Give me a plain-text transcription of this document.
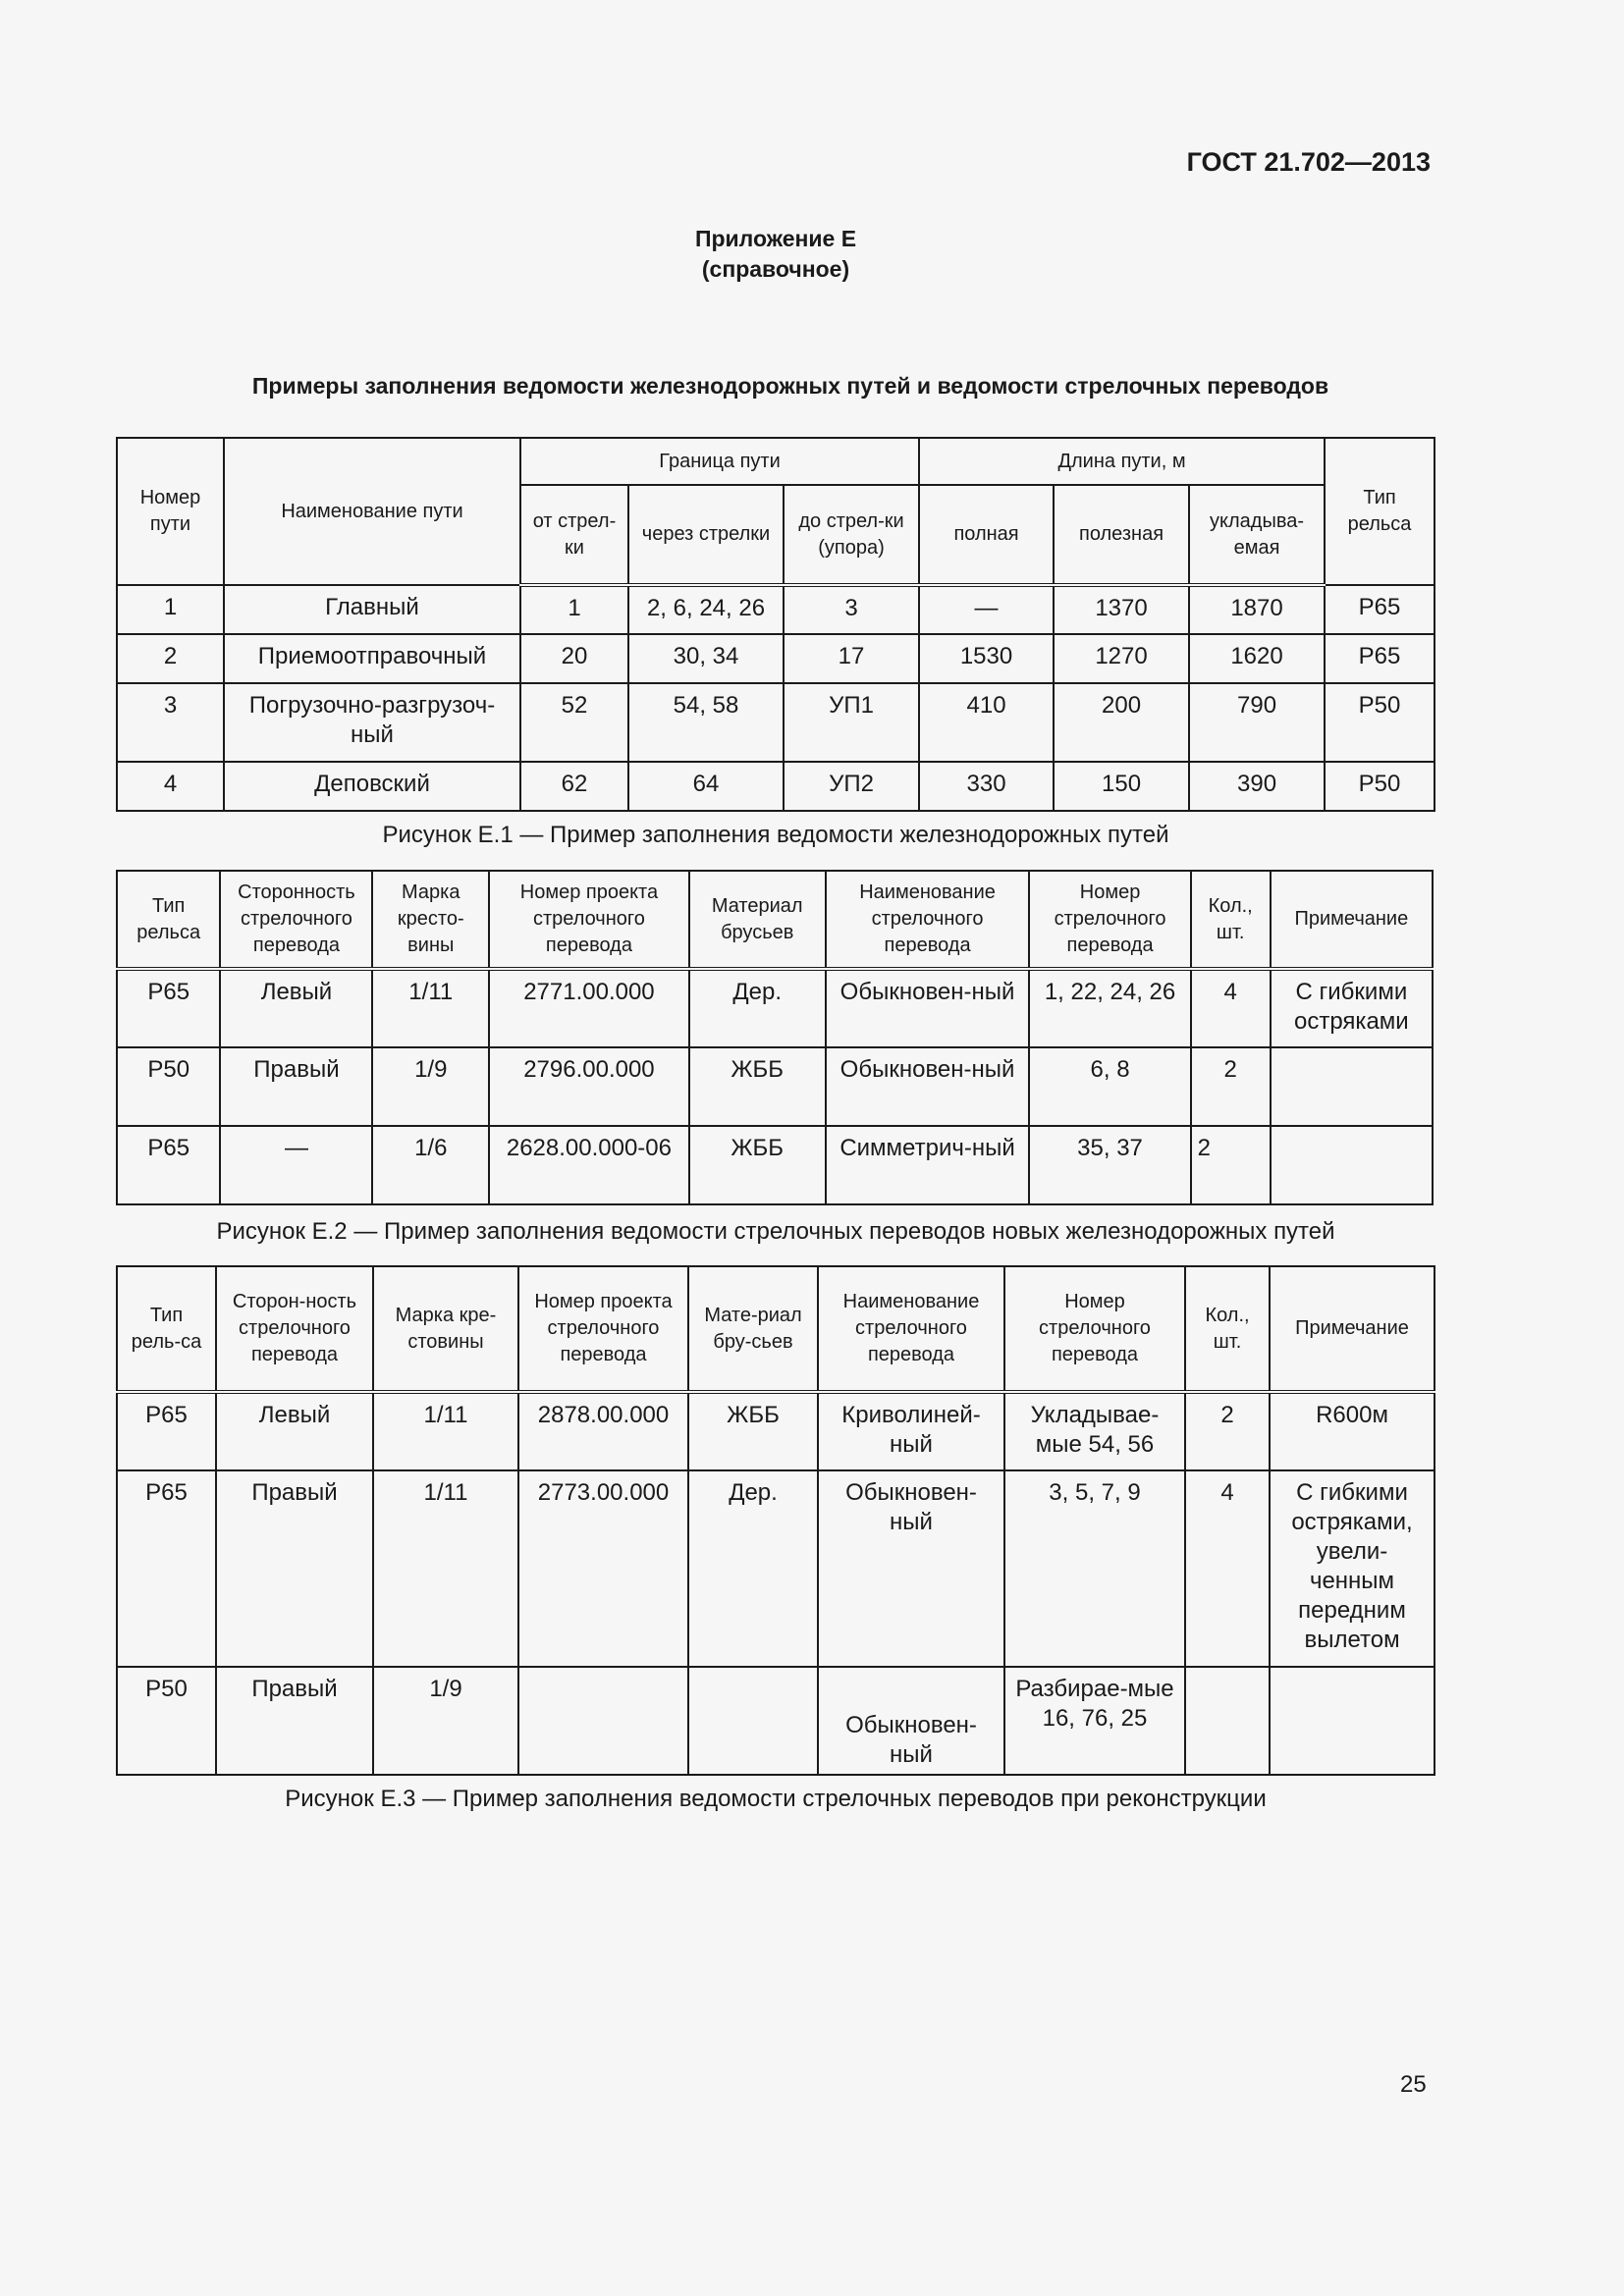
ГОСТ 21.702—2013
Приложение Е
(справочное)
Примеры заполнения ведомости железнодорожных путей и ведомости стрелочных переводов
Номер пути	Наименование пути	Граница пути			Длина пути, м			Тип рельса
		от стрел-ки	через стрелки	до стрел-ки (упора)	полная	полезная	укладыва-емая	
1	Главный	1	2, 6, 24, 26	3	—	1370	1870	Р65
2	Приемоотправочный	20	30, 34	17	1530	1270	1620	Р65
3	Погрузочно-разгрузоч-ный	52	54, 58	УП1	410	200	790	Р50
4	Деповский	62	64	УП2	330	150	390	Р50
Рисунок Е.1 — Пример заполнения ведомости железнодорожных путей
Тип рельса	Сторонность стрелочного перевода	Марка кресто-вины	Номер проекта стрелочного перевода	Материал брусьев	Наименование стрелочного перевода	Номер стрелочного перевода	Кол., шт.	Примечание
Р65	Левый	1/11	2771.00.000	Дер.	Обыкновен-ный	1, 22, 24, 26	4	С гибкими остряками
Р50	Правый	1/9	2796.00.000	ЖББ	Обыкновен-ный	6, 8	2	
Р65	—	1/6	2628.00.000-06	ЖББ	Симметрич-ный	35, 37	2	
Рисунок Е.2 — Пример заполнения ведомости стрелочных переводов новых железнодорожных путей
Тип рель-са	Сторон-ность стрелочного перевода	Марка кре-стовины	Номер проекта стрелочного перевода	Мате-риал бру-сьев	Наименование стрелочного перевода	Номер стрелочного перевода	Кол., шт.	Примечание
Р65	Левый	1/11	2878.00.000	ЖББ	Криволиней-ный	Укладывае-мые 54, 56	2	R600м
Р65	Правый	1/11	2773.00.000	Дер.	Обыкновен-ный	3, 5, 7, 9	4	С гибкими остряками, увели-ченным передним вылетом
Р50	Правый	1/9			Обыкновен-ный	Разбирае-мые 16, 76, 25		
Рисунок Е.3 — Пример заполнения ведомости стрелочных переводов при реконструкции
25
